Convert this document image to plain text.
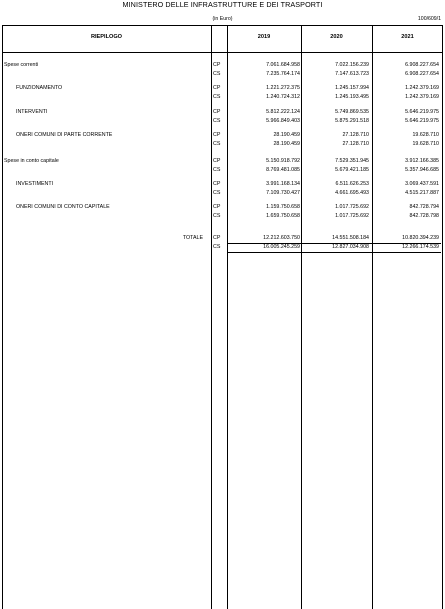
MINISTERO DELLE INFRASTRUTTURE E DEI TRASPORTI
(in Euro)	100/609/1
RIEPILOGO	2019	2020	2021
Spese correnti	CP	7.061.684.958	7.022.156.239	6.908.227.654
CS	7.235.764.174	7.147.613.723	6.908.227.654
FUNZIONAMENTO	CP	1.221.272.375	1.245.157.994	1.242.379.169
CS	1.240.724.312	1.245.193.495	1.242.379.169
INTERVENTI	CP	5.812.222.124	5.749.869.535	5.646.219.975
CS	5.966.849.403	5.875.291.518	5.646.219.975
ONERI COMUNI DI PARTE CORRENTE	CP	28.190.459	27.128.710	19.628.710
CS	28.190.459	27.128.710	19.628.710
Spese in conto capitale	CP	5.150.918.792	7.529.351.945	3.912.166.385
CS	8.769.481.085	5.679.421.185	5.357.946.685
INVESTIMENTI	CP	3.991.168.134	6.511.626.253	3.069.437.591
CS	7.109.730.427	4.661.695.493	4.515.217.887
ONERI COMUNI DI CONTO CAPITALE	CP	1.159.750.658	1.017.725.692	842.728.794
CS	1.659.750.658	1.017.725.692	842.728.798
TOTALE CP	12.212.603.750	14.551.508.184	10.820.394.239
CS	16.005.245.259	12.827.034.908	12.266.174.539
